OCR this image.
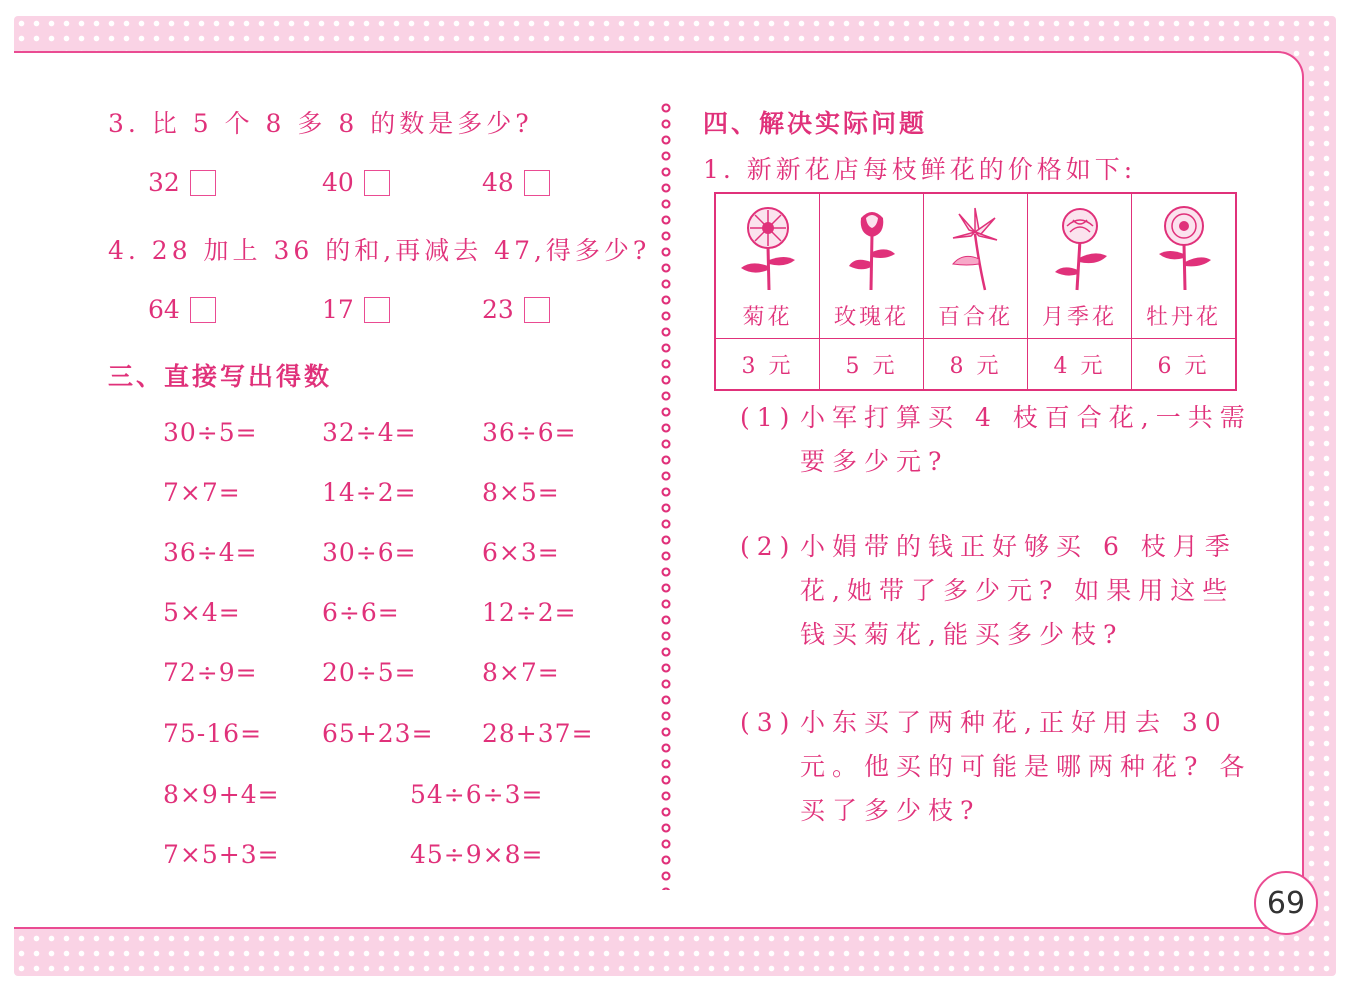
3. 比 5 个 8 多 8 的数是多少?
32	40	48
4. 28 加上 36 的和,再减去 47,得多少?
64	17	23
三、直接写出得数
30÷5=	32÷4=	36÷6=
7×7=	14÷2=	8×5=
36÷4=	30÷6=	6×3=
5×4=	6÷6=	12÷2=
72÷9=	20÷5=	8×7=
75-16= 65+23= 28+37=
8×9+4=	54÷6÷3=
7×5+3=	45÷9×8=
四、解决实际问题
1. 新新花店每枝鲜花的价格如下:
菊花	玫瑰花	百合花	月季花	牡丹花

3 元	5 元	8 元	4 元	6 元
(1) 小军打算买 4 枝百合花,一共需
要多少元?
(2) 小娟带的钱正好够买 6 枝月季
花,她带了多少元? 如果用这些
钱买菊花,能买多少枝?
(3) 小东买了两种花,正好用去 30
元。他买的可能是哪两种花? 各
买了多少枝?
69
